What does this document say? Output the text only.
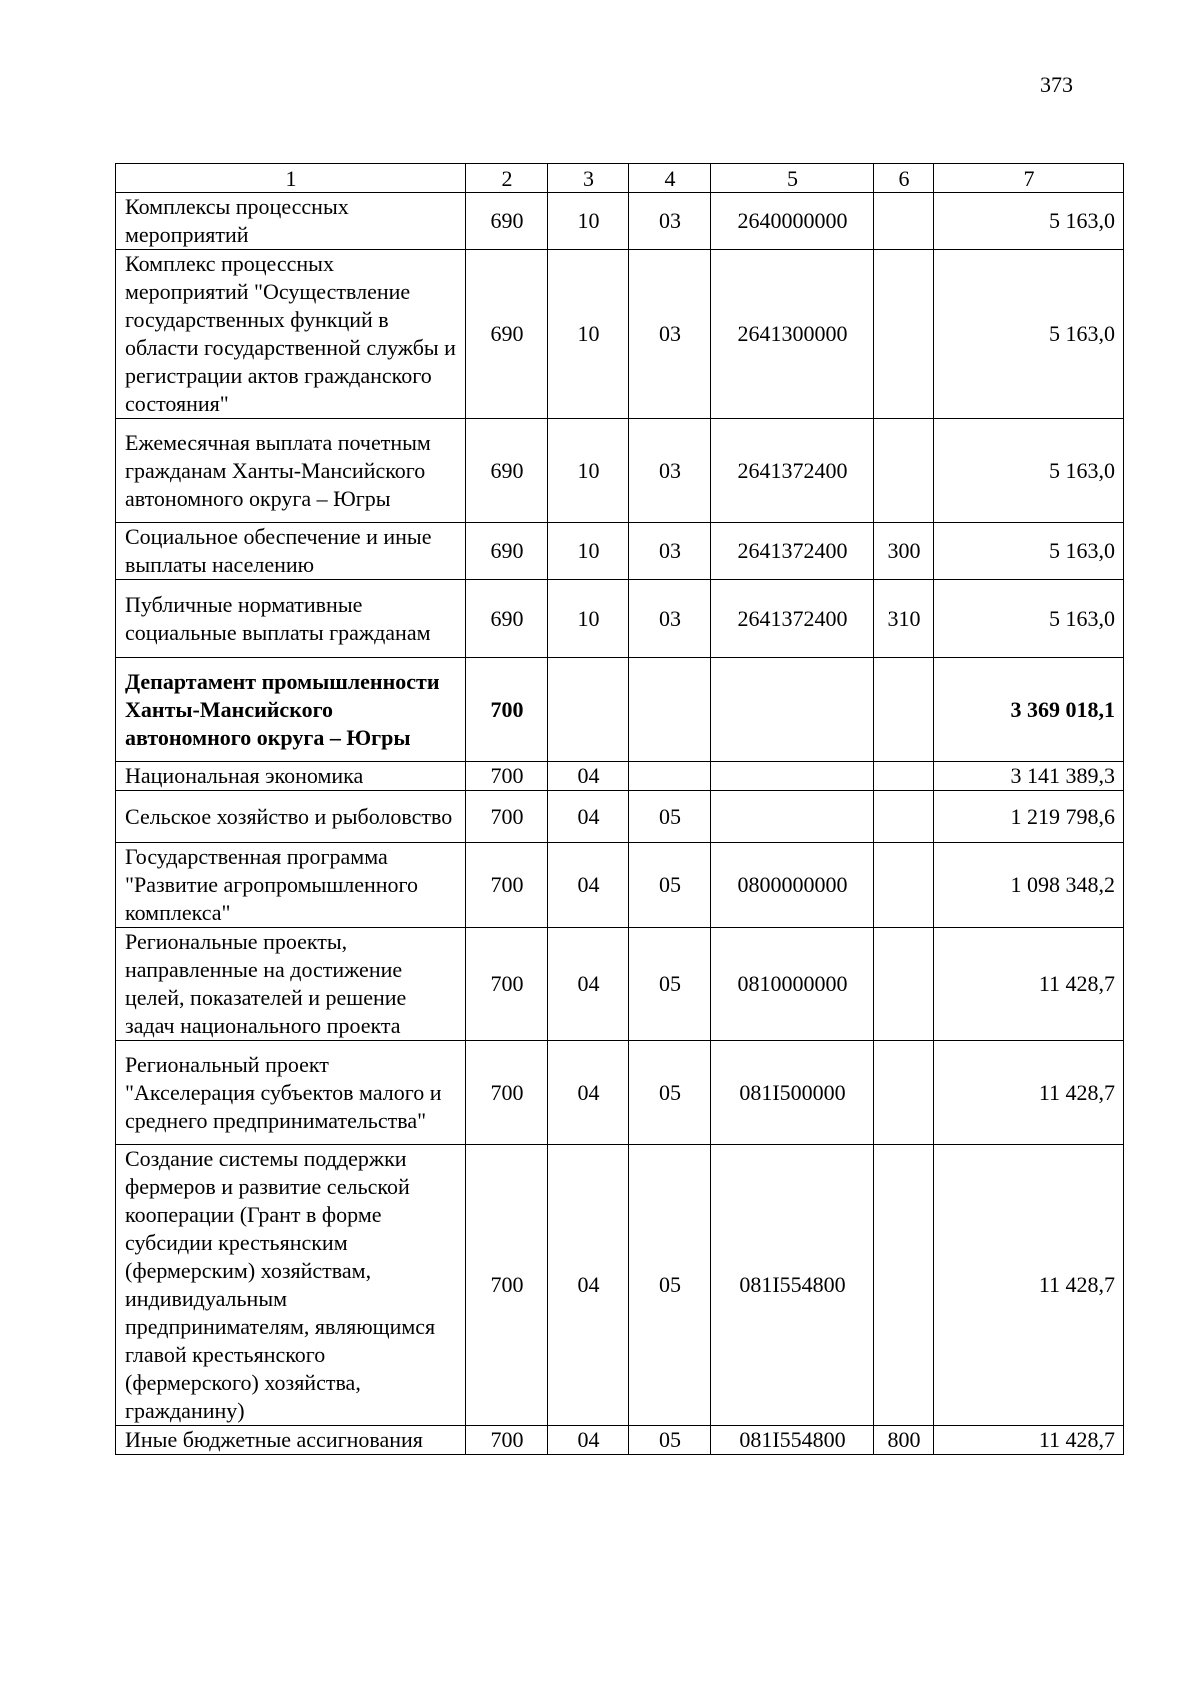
373
1	2	3	4	5	6	7
Комплексы процессных мероприятий	690	10	03	2640000000		5 163,0
Комплекс процессных мероприятий "Осуществление государственных функций в области государственной службы и регистрации актов гражданского состояния"	690	10	03	2641300000		5 163,0
Ежемесячная выплата почетным гражданам Ханты-Мансийского автономного округа – Югры	690	10	03	2641372400		5 163,0
Социальное обеспечение и иные выплаты населению	690	10	03	2641372400	300	5 163,0
Публичные нормативные социальные выплаты гражданам	690	10	03	2641372400	310	5 163,0
Департамент промышленности Ханты-Мансийского автономного округа – Югры	700					3 369 018,1
Национальная экономика	700	04				3 141 389,3
Сельское хозяйство и рыболовство	700	04	05			1 219 798,6
Государственная программа "Развитие агропромышленного комплекса"	700	04	05	0800000000		1 098 348,2
Региональные проекты, направленные на достижение целей, показателей и решение задач национального проекта	700	04	05	0810000000		11 428,7
Региональный проект "Акселерация субъектов малого и среднего предпринимательства"	700	04	05	081I500000		11 428,7
Создание системы поддержки фермеров и развитие сельской кооперации (Грант в форме субсидии крестьянским (фермерским) хозяйствам, индивидуальным предпринимателям, являющимся главой крестьянского (фермерского) хозяйства, гражданину)	700	04	05	081I554800		11 428,7
Иные бюджетные ассигнования	700	04	05	081I554800	800	11 428,7
